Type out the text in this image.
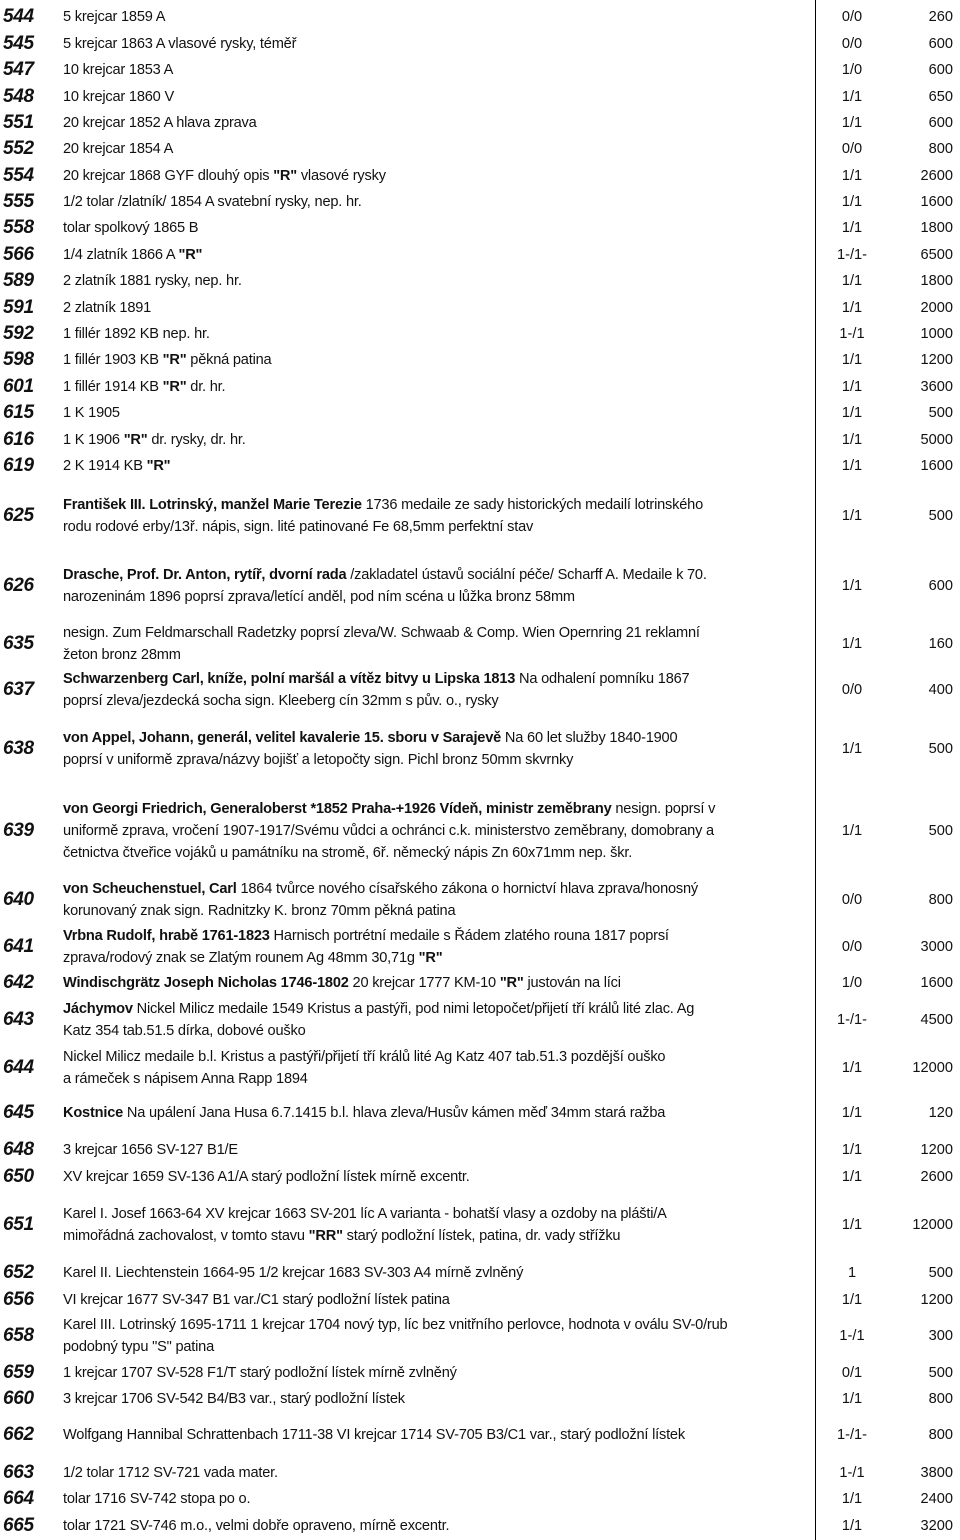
544 5 krejcar 1859 A	0/0	260
545 5 krejcar 1863 A vlasové rysky, téměř	0/0	600
547 10 krejcar 1853 A	1/0	600
548 10 krejcar 1860 V	1/1	650
551 20 krejcar 1852 A hlava zprava	1/1	600
552 20 krejcar 1854 A	0/0	800
554 20 krejcar 1868 GYF dlouhý opis "R" vlasové rysky	1/1	2600
555 1/2 tolar /zlatník/ 1854 A svatební rysky, nep. hr.	1/1	1600
558 tolar spolkový 1865 B	1/1	1800
566 1/4 zlatník 1866 A "R"	1-/1-	6500
589 2 zlatník 1881 rysky, nep. hr.	1/1	1800
591 2 zlatník 1891	1/1	2000
592 1 fillér 1892 KB nep. hr.	1-/1	1000
598 1 fillér 1903 KB "R" pěkná patina	1/1	1200
601 1 fillér 1914 KB "R" dr. hr.	1/1	3600
615 1 K 1905	1/1	500
616 1 K 1906 "R" dr. rysky, dr. hr.	1/1	5000
619 2 K 1914 KB "R"	1/1	1600
625 František III. Lotrinský, manžel Marie Terezie 1736 medaile ze sady historických medailí lotrinského
rodu rodové erby/13ř. nápis, sign. lité patinované Fe 68,5mm perfektní stav
1/1	500
626 Drasche, Prof. Dr. Anton, rytíř, dvorní rada /zakladatel ústavů sociální péče/ Scharff A. Medaile k 70.
narozeninám 1896 poprsí zprava/letící anděl, pod ním scéna u lůžka bronz 58mm
1/1	600
635 nesign. Zum Feldmarschall Radetzky poprsí zleva/W. Schwaab & Comp. Wien Opernring 21 reklamní
žeton bronz 28mm
1/1	160
637 Schwarzenberg Carl, kníže, polní maršál a vítěz bitvy u Lipska 1813 Na odhalení pomníku 1867
poprsí zleva/jezdecká socha sign. Kleeberg cín 32mm s pův. o., rysky
0/0	400
638 von Appel, Johann, generál, velitel kavalerie 15. sboru v Sarajevě Na 60 let služby 1840-1900
poprsí v uniformě zprava/názvy bojišť a letopočty sign. Pichl bronz 50mm skvrnky
1/1	500
639
von Georgi Friedrich, Generaloberst *1852 Praha-+1926 Vídeň, ministr zeměbrany nesign. poprsí v
uniformě zprava, vročení 1907-1917/Svému vůdci a ochránci c.k. ministerstvo zeměbrany, domobrany a
četnictva čtveřice vojáků u památníku na stromě, 6ř. německý nápis Zn 60x71mm nep. škr.
1/1	500
640 von Scheuchenstuel, Carl 1864 tvůrce nového císařského zákona o hornictví hlava zprava/honosný
korunovaný znak sign. Radnitzky K. bronz 70mm pěkná patina
0/0	800
641 Vrbna Rudolf, hrabě 1761-1823 Harnisch portrétní medaile s Řádem zlatého rouna 1817 poprsí
zprava/rodový znak se Zlatým rounem Ag 48mm 30,71g "R"
0/0	3000
642 Windischgrätz Joseph Nicholas 1746-1802 20 krejcar 1777 KM-10 "R" justován na líci	1/0	1600
643 Jáchymov Nickel Milicz medaile 1549 Kristus a pastýři, pod nimi letopočet/přijetí tří králů lité zlac. Ag
Katz 354 tab.51.5 dírka, dobové ouško
1-/1-	4500
644 Nickel Milicz medaile b.l. Kristus a pastýři/přijetí tří králů lité Ag Katz 407 tab.51.3 pozdější ouško
a rámeček s nápisem Anna Rapp 1894
1/1	12000
645 Kostnice Na upálení Jana Husa 6.7.1415 b.l. hlava zleva/Husův kámen měď 34mm stará ražba	1/1	120
648 3 krejcar 1656 SV-127 B1/E	1/1	1200
650 XV krejcar 1659 SV-136 A1/A starý podložní lístek mírně excentr.	1/1	2600
651 Karel I. Josef 1663-64 XV krejcar 1663 SV-201 líc A varianta - bohatší vlasy a ozdoby na plášti/A
mimořádná zachovalost, v tomto stavu "RR" starý podložní lístek, patina, dr. vady střížku
1/1	12000
652 Karel II. Liechtenstein 1664-95 1/2 krejcar 1683 SV-303 A4 mírně zvlněný	1	500
656 VI krejcar 1677 SV-347 B1 var./C1 starý podložní lístek patina	1/1	1200
658 Karel III. Lotrinský 1695-1711 1 krejcar 1704 nový typ, líc bez vnitřního perlovce, hodnota v oválu SV-0/rub
podobný typu "S" patina
1-/1	300
659 1 krejcar 1707 SV-528 F1/T starý podložní lístek mírně zvlněný	0/1	500
660 3 krejcar 1706 SV-542 B4/B3 var., starý podložní lístek	1/1	800
662 Wolfgang Hannibal Schrattenbach 1711-38 VI krejcar 1714 SV-705 B3/C1 var., starý podložní lístek	1-/1-	800
663 1/2 tolar 1712 SV-721 vada mater.	1-/1	3800
664 tolar 1716 SV-742 stopa po o.	1/1	2400
665 tolar 1721 SV-746 m.o., velmi dobře opraveno, mírně excentr.	1/1	3200
